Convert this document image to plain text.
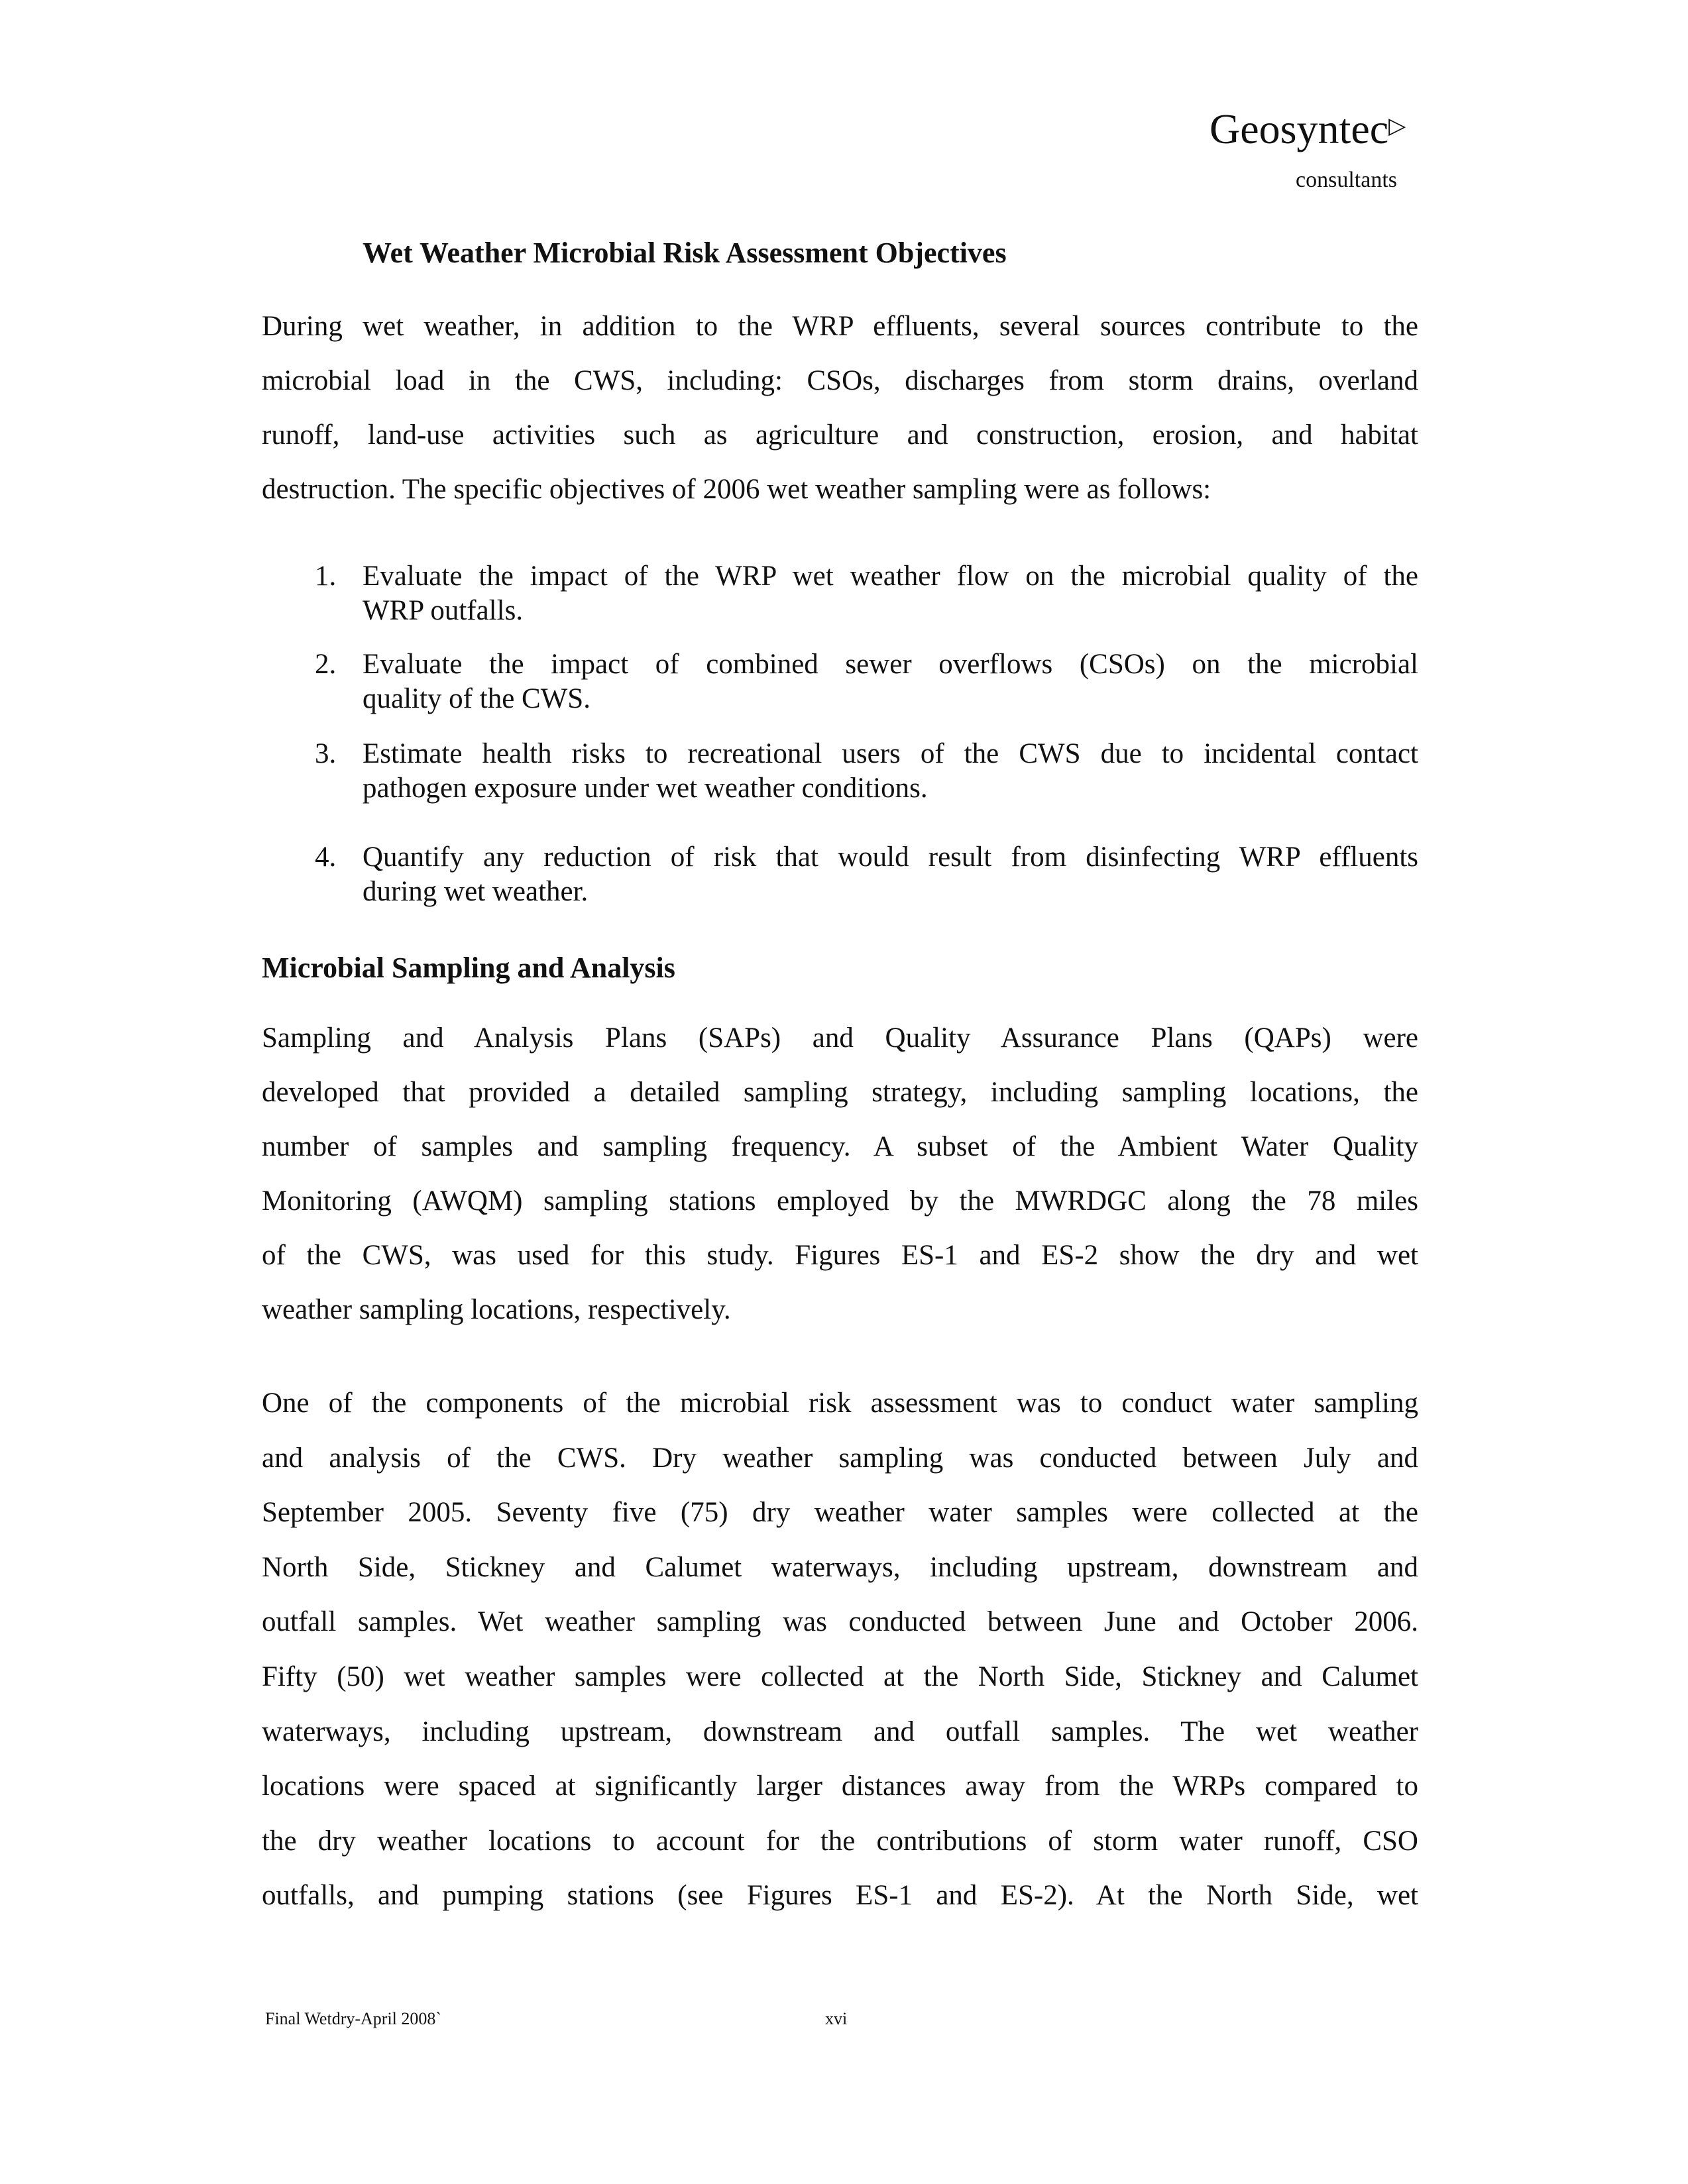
Geosyntec▷
consultants
Wet Weather Microbial Risk Assessment Objectives
Microbial Sampling and Analysis
During wet weather, in addition to the WRP effluents, several sources contribute to the
microbial load in the CWS, including: CSOs, discharges from storm drains, overland
runoff, land-use activities such as agriculture and construction, erosion, and habitat
destruction. The specific objectives of 2006 wet weather sampling were as follows:
1. Evaluate the impact of the WRP wet weather flow on the microbial quality of the
WRP outfalls.
2. Evaluate the impact of combined sewer overflows (CSOs) on the microbial
quality of the CWS.
3. Estimate health risks to recreational users of the CWS due to incidental contact
pathogen exposure under wet weather conditions.
4. Quantify any reduction of risk that would result from disinfecting WRP effluents
during wet weather.
Sampling and Analysis Plans (SAPs) and Quality Assurance Plans (QAPs) were
developed that provided a detailed sampling strategy, including sampling locations, the
number of samples and sampling frequency. A subset of the Ambient Water Quality
Monitoring (AWQM) sampling stations employed by the MWRDGC along the 78 miles
of the CWS, was used for this study. Figures ES-1 and ES-2 show the dry and wet
weather sampling locations, respectively.
One of the components of the microbial risk assessment was to conduct water sampling
and analysis of the CWS. Dry weather sampling was conducted between July and
September 2005. Seventy five (75) dry weather water samples were collected at the
North Side, Stickney and Calumet waterways, including upstream, downstream and
outfall samples. Wet weather sampling was conducted between June and October 2006.
Fifty (50) wet weather samples were collected at the North Side, Stickney and Calumet
waterways, including upstream, downstream and outfall samples. The wet weather
locations were spaced at significantly larger distances away from the WRPs compared to
the dry weather locations to account for the contributions of storm water runoff, CSO
outfalls, and pumping stations (see Figures ES-1 and ES-2). At the North Side, wet
Final Wetdry-April 2008`	xvi
